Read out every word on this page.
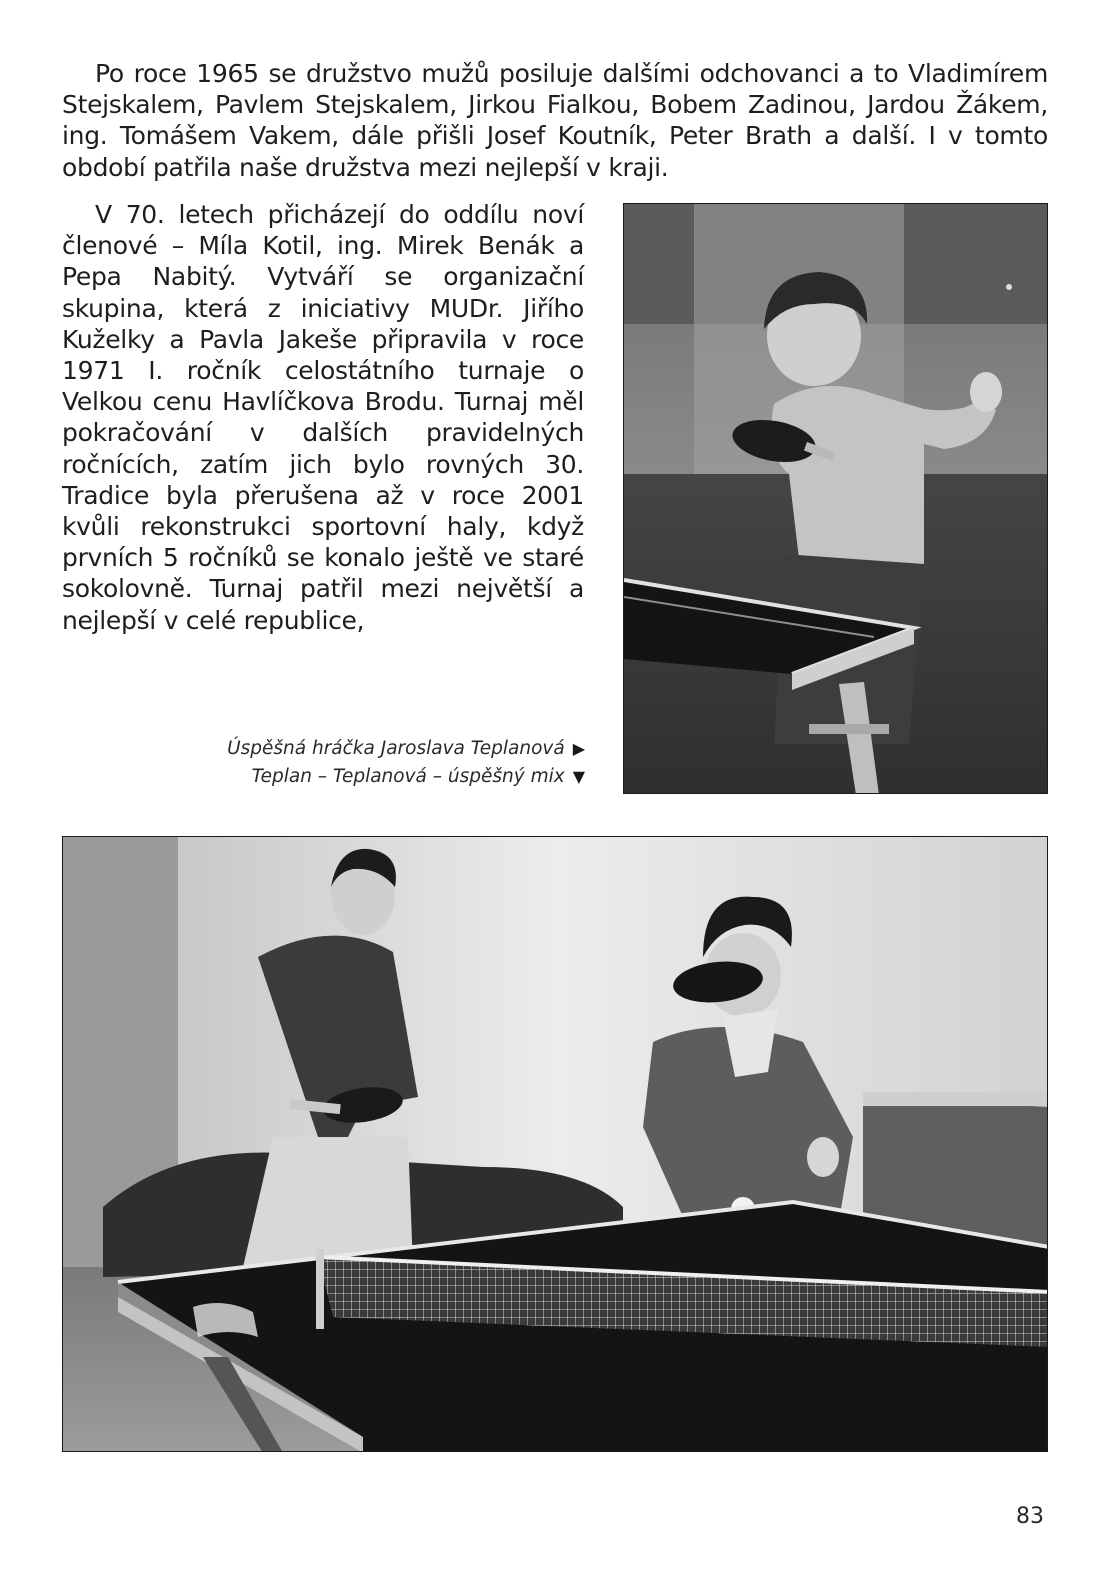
Po roce 1965 se družstvo mužů posiluje dalšími odchovanci a to Vladimírem Stejskalem, Pavlem Stejskalem, Jirkou Fialkou, Bobem Zadinou, Jardou Žákem, ing. Tomášem Vakem, dále přišli Josef Koutník, Peter Brath a další. I v tomto období patřila naše družstva mezi nejlepší v kraji.

V 70. letech přicházejí do oddílu noví členové – Míla Kotil, ing. Mirek Benák a Pepa Nabitý. Vytváří se organizační skupina, která z iniciativy MUDr. Jiřího Kuželky a Pavla Jakeše připravila v roce 1971 I. ročník celostátního turnaje o Velkou cenu Havlíčkova Brodu. Turnaj měl pokračování v dalších pravidelných ročnících, zatím jich bylo rovných 30. Tradice byla přerušena až v roce 2001 kvůli rekonstrukci sportovní haly, když prvních 5 ročníků se konalo ještě ve staré sokolovně. Turnaj patřil mezi největší a nejlepší v celé republice,

Úspěšná hráčka Jaroslava Teplanová ▶
Teplan – Teplanová – úspěšný mix ▼
83
